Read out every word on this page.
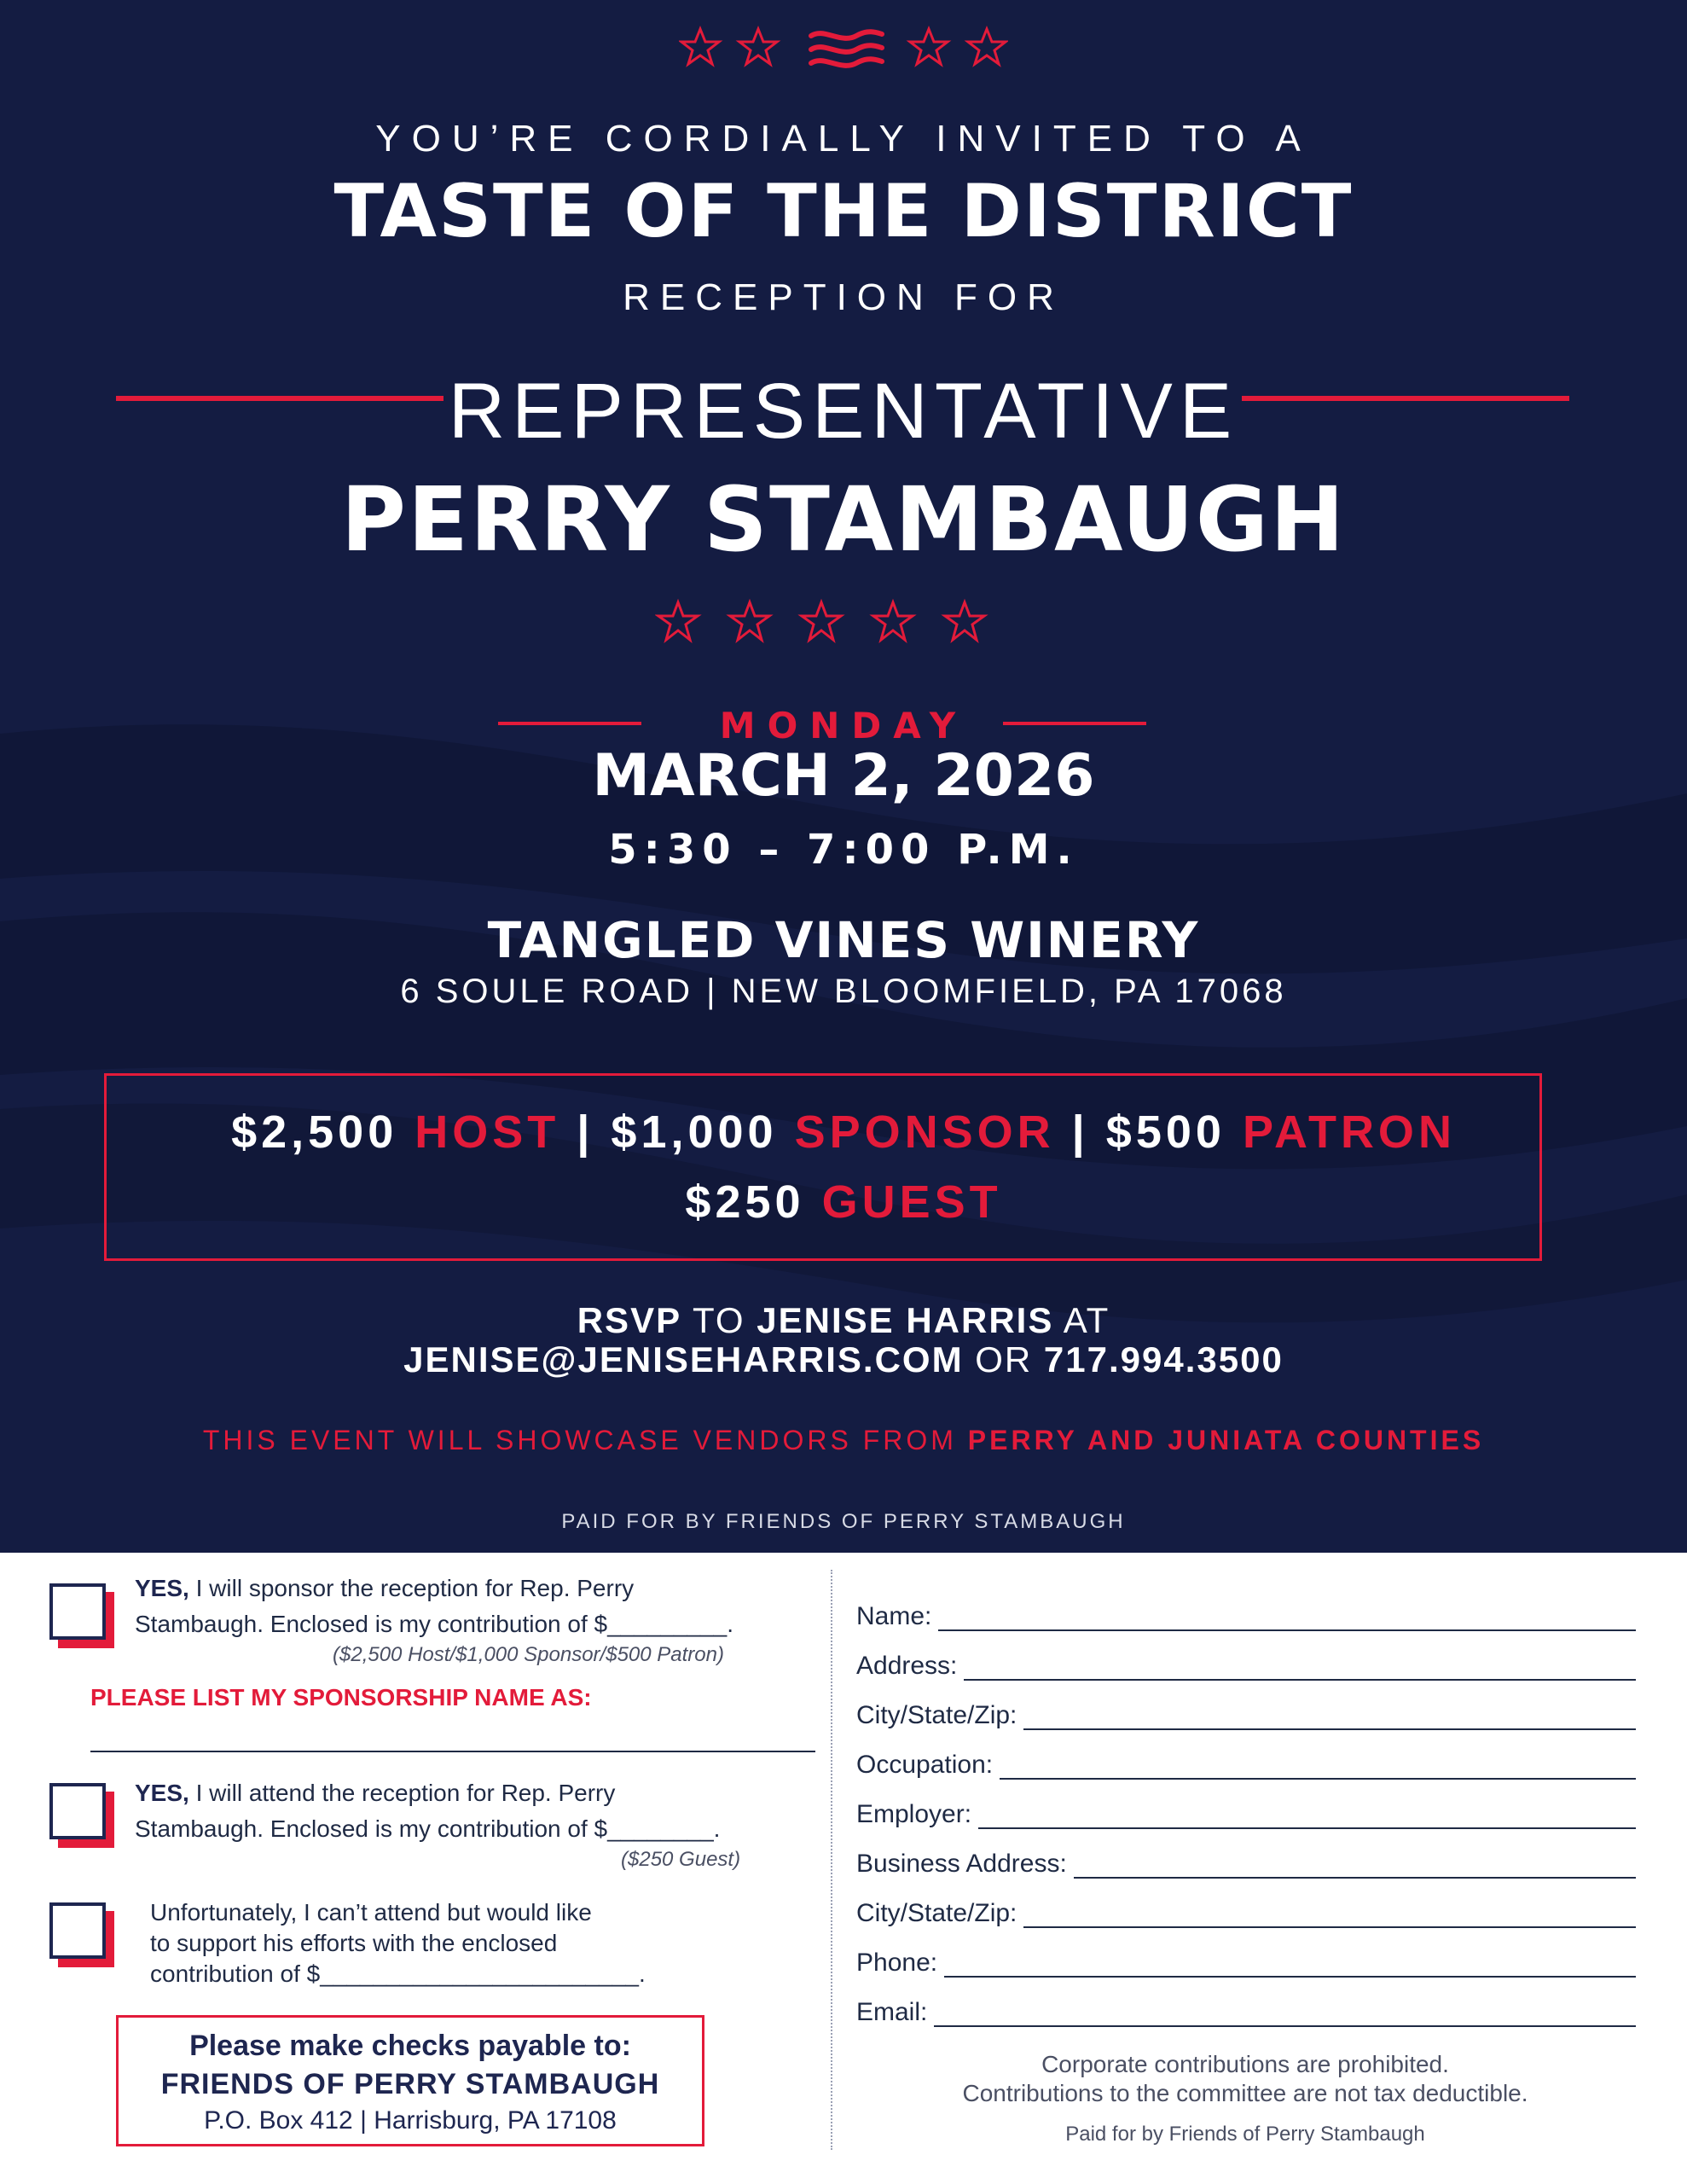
YOU’RE CORDIALLY INVITED TO A
TASTE OF THE DISTRICT
RECEPTION FOR
REPRESENTATIVE
PERRY STAMBAUGH
MONDAY
MARCH 2, 2026
5:30 – 7:00 P.M.
TANGLED VINES WINERY
6 SOULE ROAD | NEW BLOOMFIELD, PA 17068
$2,500 HOST | $1,000 SPONSOR | $500 PATRON
$250 GUEST
RSVP TO JENISE HARRIS AT
JENISE@JENISEHARRIS.COM OR 717.994.3500
THIS EVENT WILL SHOWCASE VENDORS FROM PERRY AND JUNIATA COUNTIES
PAID FOR BY FRIENDS OF PERRY STAMBAUGH
YES, I will sponsor the reception for Rep. Perry
Stambaugh. Enclosed is my contribution of $_________.
($2,500 Host/$1,000 Sponsor/$500 Patron)
PLEASE LIST MY SPONSORSHIP NAME AS:
YES, I will attend the reception for Rep. Perry
Stambaugh. Enclosed is my contribution of $________.
($250 Guest)
Unfortunately, I can’t attend but would like
to support his efforts with the enclosed
contribution of $________________________.
Please make checks payable to:
FRIENDS OF PERRY STAMBAUGH
P.O. Box 412 | Harrisburg, PA 17108
Name:
Address:
City/State/Zip:
Occupation:
Employer:
Business Address:
City/State/Zip:
Phone:
Email:
Corporate contributions are prohibited.
Contributions to the committee are not tax deductible.
Paid for by Friends of Perry Stambaugh
